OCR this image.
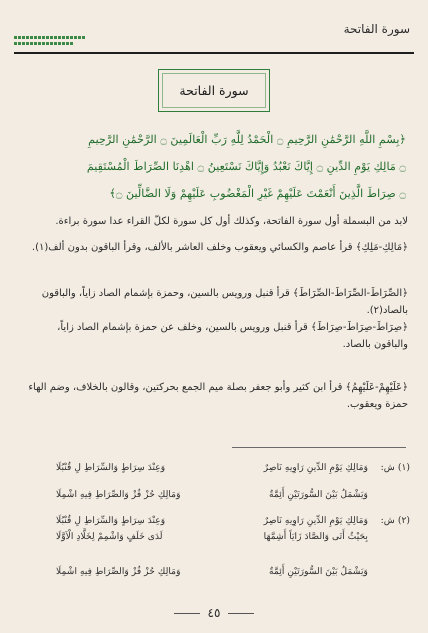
سورة الفاتحة
سورة الفاتحة
﴿بِسْمِ اللَّهِ الرَّحْمَٰنِ الرَّحِيمِ ۝ الْحَمْدُ لِلَّهِ رَبِّ الْعَالَمِينَ ۝ الرَّحْمَٰنِ الرَّحِيمِ
۝ مَالِكِ يَوْمِ الدِّينِ ۝ إِيَّاكَ نَعْبُدُ وَإِيَّاكَ نَسْتَعِينُ ۝ اهْدِنَا الصِّرَاطَ الْمُسْتَقِيمَ
۝ صِرَاطَ الَّذِينَ أَنْعَمْتَ عَلَيْهِمْ غَيْرِ الْمَغْضُوبِ عَلَيْهِمْ وَلَا الضَّالِّينَ ۝﴾
لابد من البسملة أول سورة الفاتحة، وكذلك أول كل سورة لكلّ القراء عدا سورة براءة.
﴿مَالِكِ-مَلِكِ﴾ قرأ عاصم والكسائي ويعقوب وخلف العاشر بالألف، وقرأ الباقون بدون ألف(١).
﴿الصِّرَاطَ-الصِّرَاطَ-الصِّرَاطَ﴾ قرأ قنبل ورويس بالسين، وحمزة بإشمام الصاد زاياً، والباقون بالصاد(٢).
﴿صِرَاطَ-صِرَاطَ-صِرَاطَ﴾ قرأ قنبل ورويس بالسين، وخلف عن حمزة بإشمام الصاد زاياً، والباقون بالصاد.
﴿عَلَيْهِمْ-عَلَيْهِمُ﴾ قرأ ابن كثير وأبو جعفر بصلة ميم الجمع بحركتين، وقالون بالخلاف، وضم الهاء حمزة ويعقوب.
(١) ش:
وَمَالِكِ يَوْمِ الدِّينِ رَاوِيهِ نَاصِرٌ
وَعِنْدَ سِرَاطٍ وَالسِّرَاطِ لِ قُنْبُلَا
وَيَشْمَلُ بَيْنَ السُّورَتَيْنِ أَئِمَّةٌ
وَمَالِكِ حُزْ فُزْ وَالصِّرَاطِ فِيهِ اشْمِلَا
(٢) ش:
وَمَالِكِ يَوْمِ الدِّينِ رَاوِيهِ نَاصِرٌ
وَعِنْدَ سِرَاطٍ وَالسِّرَاطِ لِ قُنْبُلَا
بِحَيْثُ أَتَى وَالصَّادَ زَايَاً أَشِمَّهَا
لَدَى خَلَفٍ وَاشْمِمْ لِخَلَّادِ الْاَوَّلَا
وَيَشْمَلُ بَيْنَ السُّورَتَيْنِ أَئِمَّةٌ
وَمَالِكِ حُزْ فُزْ وَالصِّرَاطِ فِيهِ اشْمِلَا
٤٥
